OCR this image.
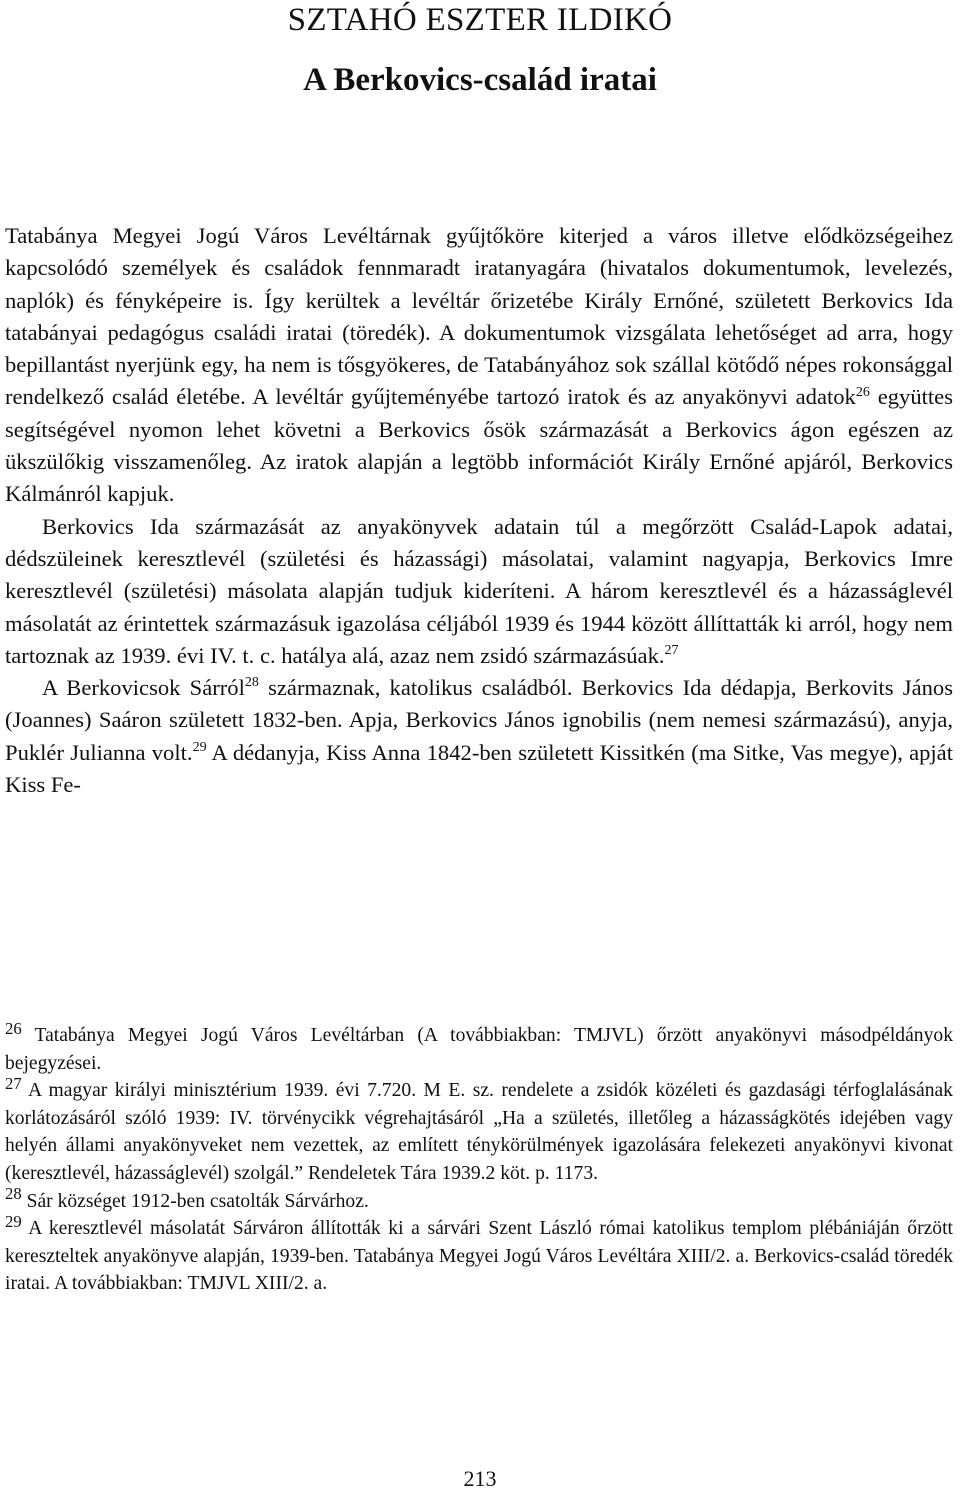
SZTAHÓ ESZTER ILDIKÓ
A Berkovics-család iratai

Tatabánya Megyei Jogú Város Levéltárnak gyűjtőköre kiterjed a város illetve elődközségeihez kapcsolódó személyek és családok fennmaradt iratanyagára (hivatalos dokumentumok, levelezés, naplók) és fényképeire is. Így kerültek a levéltár őrizetébe Király Ernőné, született Berkovics Ida tatabányai pedagógus családi iratai (töredék). A dokumentumok vizsgálata lehetőséget ad arra, hogy bepillantást nyerjünk egy, ha nem is tősgyökeres, de Tatabányához sok szállal kötődő népes rokonsággal rendelkező család életébe. A levéltár gyűjteményébe tartozó iratok és az anyakönyvi adatok$^{26}$ együttes segítségével nyomon lehet követni a Berkovics ősök származását a Berkovics ágon egészen az ükszülőkig visszamenőleg. Az iratok alapján a legtöbb információt Király Ernőné apjáról, Berkovics Kálmánról kapjuk.

Berkovics Ida származását az anyakönyvek adatain túl a megőrzött Család-Lapok adatai, dédszüleinek keresztlevél (születési és házassági) másolatai, valamint nagyapja, Berkovics Imre keresztlevél (születési) másolata alapján tudjuk kideríteni. A három keresztlevél és a házasságlevél másolatát az érintettek származásuk igazolása céljából 1939 és 1944 között állíttatták ki arról, hogy nem tartoznak az 1939. évi IV. t. c. hatálya alá, azaz nem zsidó származásúak.$^{27}$

A Berkovicsok Sárról$^{28}$ származnak, katolikus családból. Berkovics Ida dédapja, Berkovits János (Joannes) Saáron született 1832-ben. Apja, Berkovics János ignobilis (nem nemesi származású), anyja, Puklér Julianna volt.$^{29}$ A dédanyja, Kiss Anna 1842-ben született Kissitkén (ma Sitke, Vas megye), apját Kiss Fe-

$^{26}$ Tatabánya Megyei Jogú Város Levéltárban (A továbbiakban: TMJVL) őrzött anyakönyvi másodpéldányok bejegyzései.

$^{27}$ A magyar királyi minisztérium 1939. évi 7.720. M E. sz. rendelete a zsidók közéleti és gazdasági térfoglalásának korlátozásáról szóló 1939: IV. törvénycikk végrehajtásáról „Ha a születés, illetőleg a házasságkötés idejében vagy helyén állami anyakönyveket nem vezettek, az említett ténykörülmények igazolására felekezeti anyakönyvi kivonat (keresztlevél, házasságlevél) szolgál.” Rendeletek Tára 1939.2 köt. p. 1173.

$^{28}$ Sár községet 1912-ben csatolták Sárvárhoz.

$^{29}$ A keresztlevél másolatát Sárváron állították ki a sárvári Szent László római katolikus templom plébániáján őrzött kereszteltek anyakönyve alapján, 1939-ben. Tatabánya Megyei Jogú Város Levéltára XIII/2. a. Berkovics-család töredék iratai. A továbbiakban: TMJVL XIII/2. a.

213
